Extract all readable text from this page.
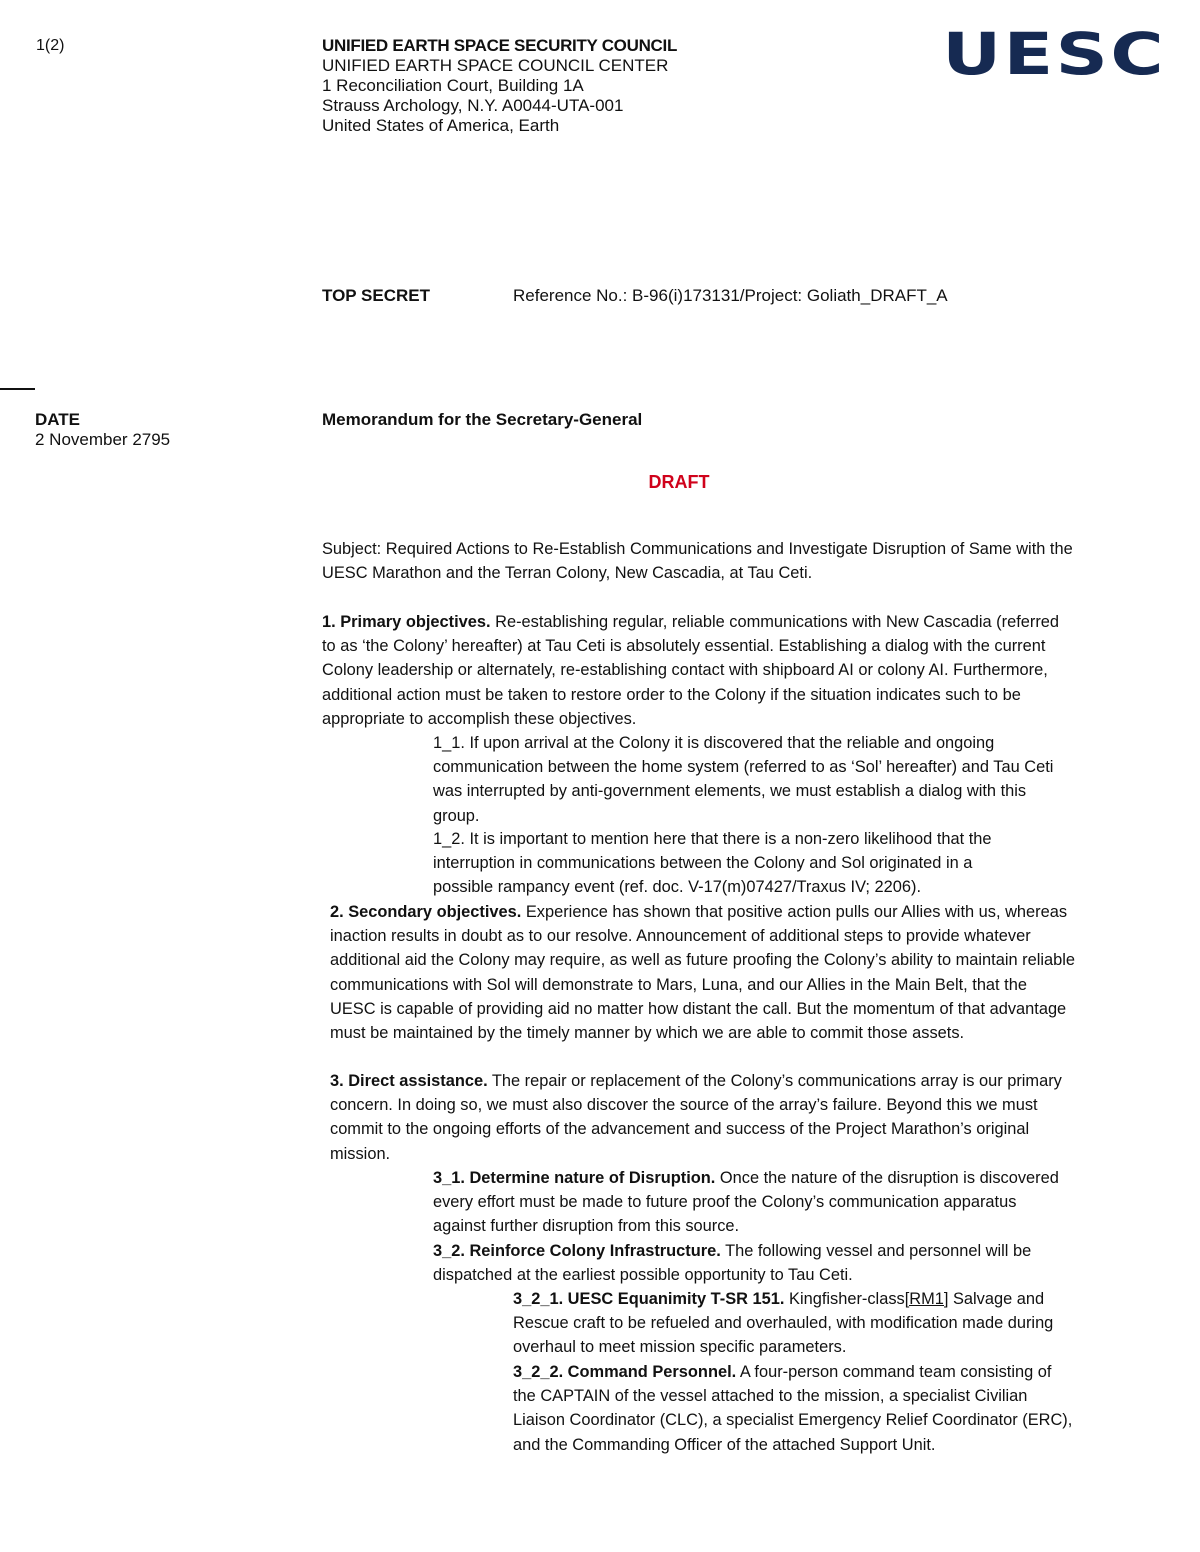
1(2)	UNIFIED EARTH SPACE SECURITY COUNCIL
UNIFIED EARTH SPACE COUNCIL CENTER
1 Reconciliation Court, Building 1A
Strauss Archology, N.Y. A0044-UTA-001
United States of America, Earth
UESC
TOP SECRET	Reference No.: B-96(i)173131/Project: Goliath_DRAFT_A
DATE
2 November 2795
Memorandum for the Secretary-General
DRAFT
Subject: Required Actions to Re-Establish Communications and Investigate Disruption of Same with the UESC Marathon and the Terran Colony, New Cascadia, at Tau Ceti.
1. Primary objectives. Re-establishing regular, reliable communications with New Cascadia (referred to as ‘the Colony’ hereafter) at Tau Ceti is absolutely essential. Establishing a dialog with the current Colony leadership or alternately, re-establishing contact with shipboard AI or colony AI. Furthermore, additional action must be taken to restore order to the Colony if the situation indicates such to be appropriate to accomplish these objectives.
1_1. If upon arrival at the Colony it is discovered that the reliable and ongoing communication between the home system (referred to as ‘Sol’ hereafter) and Tau Ceti was interrupted by anti-government elements, we must establish a dialog with this group.
1_2. It is important to mention here that there is a non-zero likelihood that the interruption in communications between the Colony and Sol originated in a possible rampancy event (ref. doc. V-17(m)07427/Traxus IV; 2206).
2. Secondary objectives. Experience has shown that positive action pulls our Allies with us, whereas inaction results in doubt as to our resolve. Announcement of additional steps to provide whatever additional aid the Colony may require, as well as future proofing the Colony’s ability to maintain reliable communications with Sol will demonstrate to Mars, Luna, and our Allies in the Main Belt, that the UESC is capable of providing aid no matter how distant the call. But the momentum of that advantage must be maintained by the timely manner by which we are able to commit those assets.
3. Direct assistance. The repair or replacement of the Colony’s communications array is our primary concern. In doing so, we must also discover the source of the array’s failure. Beyond this we must commit to the ongoing efforts of the advancement and success of the Project Marathon’s original mission.
3_1. Determine nature of Disruption. Once the nature of the disruption is discovered every effort must be made to future proof the Colony’s communication apparatus against further disruption from this source.
3_2. Reinforce Colony Infrastructure. The following vessel and personnel will be dispatched at the earliest possible opportunity to Tau Ceti.
3_2_1. UESC Equanimity T-SR 151. Kingfisher-class[RM1] Salvage and Rescue craft to be refueled and overhauled, with modification made during overhaul to meet mission specific parameters.
3_2_2. Command Personnel. A four-person command team consisting of the CAPTAIN of the vessel attached to the mission, a specialist Civilian Liaison Coordinator (CLC), a specialist Emergency Relief Coordinator (ERC), and the Commanding Officer of the attached Support Unit.
